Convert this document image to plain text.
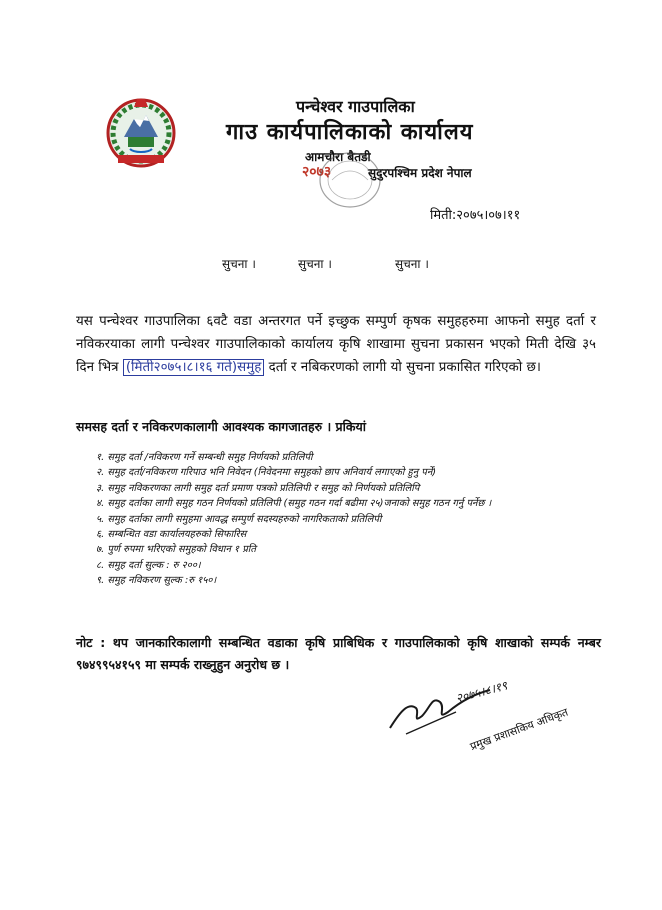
पन्चेश्वर गाउपालिका
गाउ कार्यपालिकाको कार्यालय
आमचौरा बैतडी
२०७३	सुदुरपश्चिम प्रदेश नेपाल
मिती:२०७५।०७।११
सुचना ।	सुचना ।	सुचना ।
यस पन्चेश्वर गाउपालिका ६वटै वडा अन्तरगत पर्ने इच्छुक सम्पुर्ण कृषक समुहहरुमा आफनो समुह दर्ता र नविकरयाका लागी पन्चेश्वर गाउपालिकाको कार्यालय कृषि शाखामा सुचना प्रकासन भएको मिती देखि ३५ दिन भित्र (मिती२०७५।८।१६ गते)समुह दर्ता र नबिकरणको लागी यो सुचना प्रकासित गरिएको छ।
समसह दर्ता र नविकरणकालागी आवश्यक कागजातहरु । प्रकियां
१. समुह दर्ता /नविकरण गर्ने सम्बन्धी समुह निर्णयको प्रतिलिपी
२. समुह दर्ता/नविकरण गरिपाउ भनि निवेदन (निवेदनमा समुहको छाप अनिवार्य लगाएको हुनु पर्ने)
३. समुह नविकरणका लागी समुह दर्ता प्रमाण पत्रको प्रतिलिपी र समुह को निर्णयको प्रतिलिपि
४. समुह दर्ताका लागी समुह गठन निर्णयको प्रतिलिपी (समुह गठन गर्दा बढीमा २५)जनाको समुह गठन गर्नु पर्नेछ ।
५. समुह दर्ताका लागी समुहमा आवद्ध सम्पुर्ण सदस्यहरुको नागरिकताको प्रतिलिपी
६. सम्बन्धित वडा कार्यालयहरुको सिफारिस
७. पुर्ण रुपमा भरिएको समुहको विधान १ प्रति
८. समुह दर्ता सुल्क : रु २००।
९. समुह नविकरण सुल्क :रु १५०।
नोट : थप जानकारिकालागी सम्बन्धित वडाका कृषि प्राबिधिक र गाउपालिकाको कृषि शाखाको सम्पर्क नम्बर ९७४९९५४१५९ मा सम्पर्क राख्नुहुन अनुरोध छ ।
२०७५।८।१९
प्रमुख प्रशासकिय अधिकृत
